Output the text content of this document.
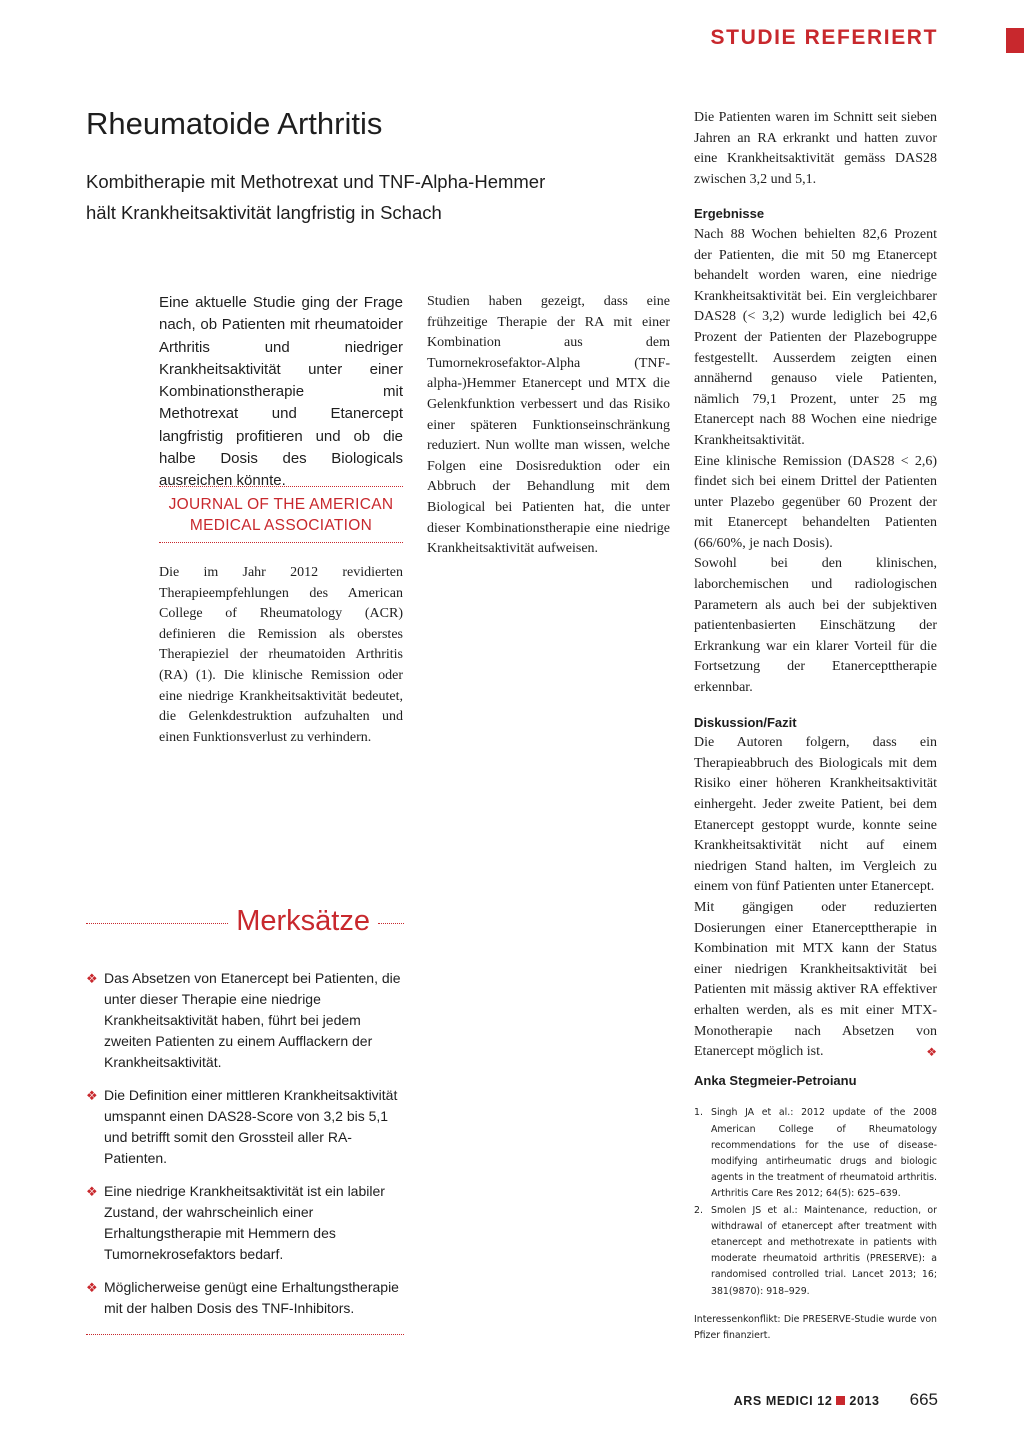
STUDIE REFERIERT
Rheumatoide Arthritis
Kombitherapie mit Methotrexat und TNF-Alpha-Hemmer
hält Krankheitsaktivität langfristig in Schach
Eine aktuelle Studie ging der Frage nach, ob Patienten mit rheumatoider Arthritis und niedriger Krankheitsaktivität unter einer Kombinationstherapie mit Methotrexat und Etanercept langfristig profitieren und ob die halbe Dosis des Biologicals ausreichen könnte.
JOURNAL OF THE AMERICAN
MEDICAL ASSOCIATION

Die im Jahr 2012 revidierten Therapieempfehlungen des American College of Rheumatology (ACR) definieren die Remission als oberstes Therapieziel der rheumatoiden Arthritis (RA) (1). Die klinische Remission oder eine niedrige Krankheitsaktivität bedeutet, die Gelenkdestruktion aufzuhalten und einen Funktionsverlust zu verhindern.

Studien haben gezeigt, dass eine frühzeitige Therapie der RA mit einer Kombination aus dem Tumornekrosefaktor-Alpha (TNF-alpha-)Hemmer Etanercept und MTX die Gelenkfunktion verbessert und das Risiko einer späteren Funktionseinschränkung reduziert. Nun wollte man wissen, welche Folgen eine Dosisreduktion oder ein Abbruch der Behandlung mit dem Biological bei Patienten hat, die unter dieser Kombinationstherapie eine niedrige Krankheitsaktivität aufweisen.

Die Patienten waren im Schnitt seit sieben Jahren an RA erkrankt und hatten zuvor eine Krankheitsaktivität gemäss DAS28 zwischen 3,2 und 5,1.

Ergebnisse

Nach 88 Wochen behielten 82,6 Prozent der Patienten, die mit 50 mg Etanercept behandelt worden waren, eine niedrige Krankheitsaktivität bei. Ein vergleichbarer DAS28 (< 3,2) wurde lediglich bei 42,6 Prozent der Patienten der Plazebogruppe festgestellt. Ausserdem zeigten einen annähernd genauso viele Patienten, nämlich 79,1 Prozent, unter 25 mg Etanercept nach 88 Wochen eine niedrige Krankheitsaktivität.

Eine klinische Remission (DAS28 < 2,6) findet sich bei einem Drittel der Patienten unter Plazebo gegenüber 60 Prozent der mit Etanercept behandelten Patienten (66/60%, je nach Dosis).

Sowohl bei den klinischen, laborchemischen und radiologischen Parametern als auch bei der subjektiven patientenbasierten Einschätzung der Erkrankung war ein klarer Vorteil für die Fortsetzung der Etanercepttherapie erkennbar.

Diskussion/Fazit

Die Autoren folgern, dass ein Therapieabbruch des Biologicals mit dem Risiko einer höheren Krankheitsaktivität einhergeht. Jeder zweite Patient, bei dem Etanercept gestoppt wurde, konnte seine Krankheitsaktivität nicht auf einem niedrigen Stand halten, im Vergleich zu einem von fünf Patienten unter Etanercept.

Mit gängigen oder reduzierten Dosierungen einer Etanercepttherapie in Kombination mit MTX kann der Status einer niedrigen Krankheitsaktivität bei Patienten mit mässig aktiver RA effektiver erhalten werden, als es mit einer MTX-Monotherapie nach Absetzen von Etanercept möglich ist.	❖

Anka Stegmeier-Petroianu
1. Singh JA et al.: 2012 update of the 2008 American College of Rheumatology recommendations for the use of disease-modifying antirheumatic drugs and biologic agents in the treatment of rheumatoid arthritis. Arthritis Care Res 2012; 64(5): 625–639.
2. Smolen JS et al.: Maintenance, reduction, or withdrawal of etanercept after treatment with etanercept and methotrexate in patients with moderate rheumatoid arthritis (PRESERVE): a randomised controlled trial. Lancet 2013; 16; 381(9870): 918–929.
Interessenkonflikt: Die PRESERVE-Studie wurde von Pfizer finanziert.
Merksätze
❖ Das Absetzen von Etanercept bei Patienten, die unter dieser Therapie eine niedrige Krankheitsaktivität haben, führt bei jedem zweiten Patienten zu einem Aufflackern der Krankheitsaktivität.
❖ Die Definition einer mittleren Krankheitsaktivität umspannt einen DAS28-Score von 3,2 bis 5,1 und betrifft somit den Grossteil aller RA-Patienten.
❖ Eine niedrige Krankheitsaktivität ist ein labiler Zustand, der wahrscheinlich einer Erhaltungstherapie mit Hemmern des Tumornekrosefaktors bedarf.
❖ Möglicherweise genügt eine Erhaltungstherapie mit der halben Dosis des TNF-Inhibitors.
ARS MEDICI 12 2013 665
